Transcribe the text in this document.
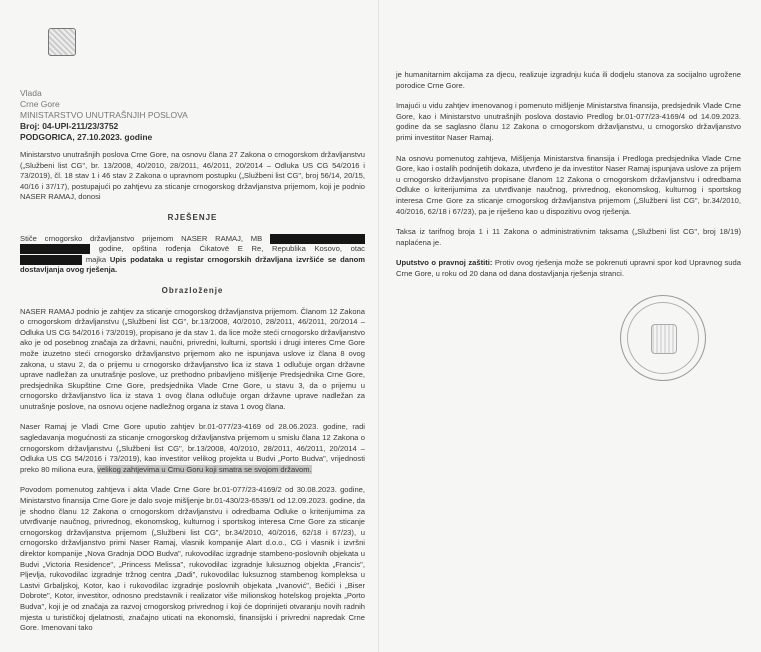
Vlada
Crne Gore
MINISTARSTVO UNUTRAŠNJIH POSLOVA
Broj: 04-UPI-211/23/3752
PODGORICA, 27.10.2023. godine

Ministarstvo unutrašnjih poslova Crne Gore, na osnovu člana 27 Zakona o crnogorskom državljanstvu („Službeni list CG", br. 13/2008, 40/2010, 28/2011, 46/2011, 20/2014 – Odluka US CG 54/2016 i 73/2019), čl. 18 stav 1 i 46 stav 2 Zakona o upravnom postupku („Službeni list CG", broj 56/14, 20/15, 40/16 i 37/17), postupajući po zahtjevu za sticanje crnogorskog državljanstva prijemom, koji je podnio NASER RAMAJ, donosi

RJEŠENJE

Stiče crnogorsko državljanstvo prijemom NASER RAMAJ, MB   godine, opština rođenja Ćikatovë E Re, Republika Kosovo, otac  majka Upis podataka u registar crnogorskih državljana izvršiće se danom dostavljanja ovog rješenja.

Obrazloženje

NASER RAMAJ podnio je zahtjev za sticanje crnogorskog državljanstva prijemom. Članom 12 Zakona o crnogorskom državljanstvu („Službeni list CG", br.13/2008, 40/2010, 28/2011, 46/2011, 20/2014 – Odluka US CG 54/2016 i 73/2019), propisano je da stav 1. da lice može steći crnogorsko državljanstvo ako je od posebnog značaja za državni, naučni, privredni, kulturni, sportski i drugi interes Crne Gore može izuzetno steći crnogorsko državljanstvo prijemom ako ne ispunjava uslove iz člana 8 ovog zakona, u stavu 2, da o prijemu u crnogorsko državljanstvo lica iz stava 1 odlučuje organ državne uprave nadležan za unutrašnje poslove, uz prethodno pribavljeno mišljenje Predsjednika Crne Gore, predsjednika Skupštine Crne Gore, predsjednika Vlade Crne Gore, u stavu 3, da o prijemu u crnogorsko državljanstvo lica iz stava 1 ovog člana odlučuje organ državne uprave nadležan za unutrašnje poslove, na osnovu ocjene nadležnog organa iz stava 1 ovog člana.

Naser Ramaj je Vladi Crne Gore uputio zahtjev br.01-077/23-4169 od 28.06.2023. godine, radi sagledavanja mogućnosti za sticanje crnogorskog državljanstva prijemom u smislu člana 12 Zakona o crnogorskom državljanstvu („Službeni list CG", br.13/2008, 40/2010, 28/2011, 46/2011, 20/2014 – Odluka US CG 54/2016 i 73/2019), kao investitor velikog projekta u Budvi „Porto Budva", vrijednosti preko 80 miliona eura, velikog zahtjevima u Crnu Goru koji smatra se svojom državom.

Povodom pomenutog zahtjeva i akta Vlade Crne Gore br.01-077/23-4169/2 od 30.08.2023. godine, Ministarstvo finansija Crne Gore je dalo svoje mišljenje br.01-430/23-6539/1 od 12.09.2023. godine, da je shodno članu 12 Zakona o crnogorskom državljanstvu i odredbama Odluke o kriterijumima za utvrđivanje naučnog, privrednog, ekonomskog, kulturnog i sportskog interesa Crne Gore za sticanje crnogorskog državljanstva prijemom („Službeni list CG", br.34/2010, 40/2016, 62/18 i 67/23), u crnogorsko državljanstvo primi Naser Ramaj, vlasnik kompanije Alart d.o.o., CG i vlasnik i izvršni direktor kompanije „Nova Gradnja DOO Budva", rukovodilac izgradnje stambeno-poslovnih objekata u Budvi „Victoria Residence", „Princess Melissa", rukovodilac izgradnje luksuznog objekta „Francis", Pljevlja, rukovodilac izgradnje tržnog centra „Dadi", rukovodilac luksuznog stambenog kompleksa u Lastvi Grbaljskoj, Kotor, kao i rukovodilac izgradnje poslovnih objekata „Ivanović", Bečići i „Biser Dobrote", Kotor, investitor, odnosno predstavnik i realizator više milionskog hotelskog projekta „Porto Budva", koji je od značaja za razvoj crnogorskog privrednog i koji će doprinijeti otvaranju novih radnih mjesta u turističkoj djelatnosti, značajno uticati na ekonomski, finansijski i privredni napredak Crne Gore. Imenovani tako

je humanitarnim akcijama za djecu, realizuje izgradnju kuća ili dodjelu stanova za socijalno ugrožene porodice Crne Gore.

Imajući u vidu zahtjev imenovanog i pomenuto mišljenje Ministarstva finansija, predsjednik Vlade Crne Gore, kao i Ministarstvo unutrašnjih poslova dostavio Predlog br.01-077/23-4169/4 od 14.09.2023. godine da se saglasno članu 12 Zakona o crnogorskom državljanstvu, u crnogorsko državljanstvo primi investitor Naser Ramaj.

Na osnovu pomenutog zahtjeva, Mišljenja Ministarstva finansija i Predloga predsjednika Vlade Crne Gore, kao i ostalih podnijetih dokaza, utvrđeno je da investitor Naser Ramaj ispunjava uslove za prijem u crnogorsko državljanstvo propisane članom 12 Zakona o crnogorskom državljanstvu i odredbama Odluke o kriterijumima za utvrđivanje naučnog, privrednog, ekonomskog, kulturnog i sportskog interesa Crne Gore za sticanje crnogorskog državljanstva prijemom („Službeni list CG", br.34/2010, 40/2016, 62/18 i 67/23), pa je riješeno kao u dispozitivu ovog rješenja.

Taksa iz tarifnog broja 1 i 11 Zakona o administrativnim taksama („Službeni list CG", broj 18/19) naplaćena je.

Uputstvo o pravnoj zaštiti: Protiv ovog rješenja može se pokrenuti upravni spor kod Upravnog suda Crne Gore, u roku od 20 dana od dana dostavljanja rješenja stranci.
